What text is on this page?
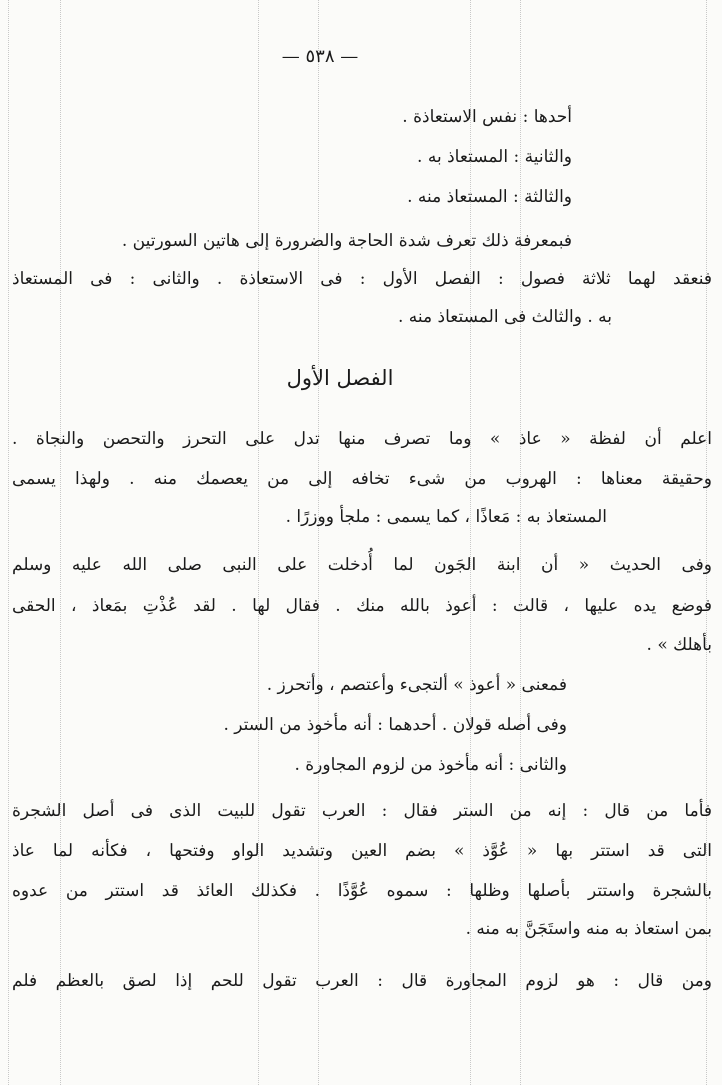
— ٥٣٨ —
أحدها : نفس الاستعاذة .
والثانية : المستعاذ به .
والثالثة : المستعاذ منه .
فبمعرفة ذلك تعرف شدة الحاجة والضرورة إلى هاتين السورتين .
فنعقد لهما ثلاثة فصول : الفصل الأول : فى الاستعاذة . والثانى : فى المستعاذ
به . والثالث فى المستعاذ منه .
الفصل الأول
اعلم أن لفظة « عاذ » وما تصرف منها تدل على التحرز والتحصن والنجاة .
وحقيقة معناها : الهروب من شىء تخافه إلى من يعصمك منه . ولهذا يسمى
المستعاذ به : مَعاذًا ، كما يسمى : ملجأ ووزرًا .
وفى الحديث « أن ابنة الجَون لما أُدخلت على النبى صلى الله عليه وسلم
فوضع يده عليها ، قالت : أعوذ بالله منك . فقال لها . لقد عُذْتِ بمَعاذ ، الحقى
بأهلك » .
فمعنى « أعوذ » ألتجىء وأعتصم ، وأتحرز .
وفى أصله قولان . أحدهما : أنه مأخوذ من الستر .
والثانى : أنه مأخوذ من لزوم المجاورة .
فأما من قال : إنه من الستر فقال : العرب تقول للبيت الذى فى أصل الشجرة
التى قد استتر بها « عُوَّذ » بضم العين وتشديد الواو وفتحها ، فكأنه لما عاذ
بالشجرة واستتر بأصلها وظلها : سموه عُوَّذًا . فكذلك العائذ قد استتر من عدوه
بمن استعاذ به منه واستَجَنَّ به منه .
ومن قال : هو لزوم المجاورة قال : العرب تقول للحم إذا لصق بالعظم فلم
